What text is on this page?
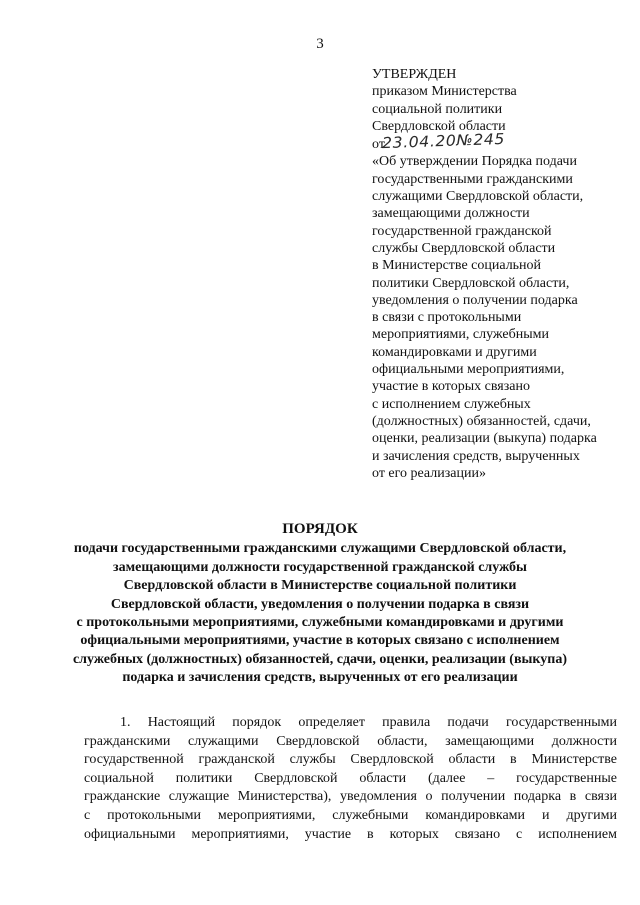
3
УТВЕРЖДЕН
приказом Министерства
социальной политики
Свердловской области
от23.04.20№245
«Об утверждении Порядка подачи
государственными гражданскими
служащими Свердловской области,
замещающими должности
государственной гражданской
службы Свердловской области
в Министерстве социальной
политики Свердловской области,
уведомления о получении подарка
в связи с протокольными
мероприятиями, служебными
командировками и другими
официальными мероприятиями,
участие в которых связано
с исполнением служебных
(должностных) обязанностей, сдачи,
оценки, реализации (выкупа) подарка
и зачисления средств, вырученных
от его реализации»
ПОРЯДОК
подачи государственными гражданскими служащими Свердловской области,
замещающими должности государственной гражданской службы
Свердловской области в Министерстве социальной политики
Свердловской области, уведомления о получении подарка в связи
с протокольными мероприятиями, служебными командировками и другими
официальными мероприятиями, участие в которых связано с исполнением
служебных (должностных) обязанностей, сдачи, оценки, реализации (выкупа)
подарка и зачисления средств, вырученных от его реализации
1. Настоящий порядок определяет правила подачи государственными
гражданскими служащими Свердловской области, замещающими должности
государственной гражданской службы Свердловской области в Министерстве
социальной политики Свердловской области (далее – государственные
гражданские служащие Министерства), уведомления о получении подарка в связи
с протокольными мероприятиями, служебными командировками и другими
официальными мероприятиями, участие в которых связано с исполнением
